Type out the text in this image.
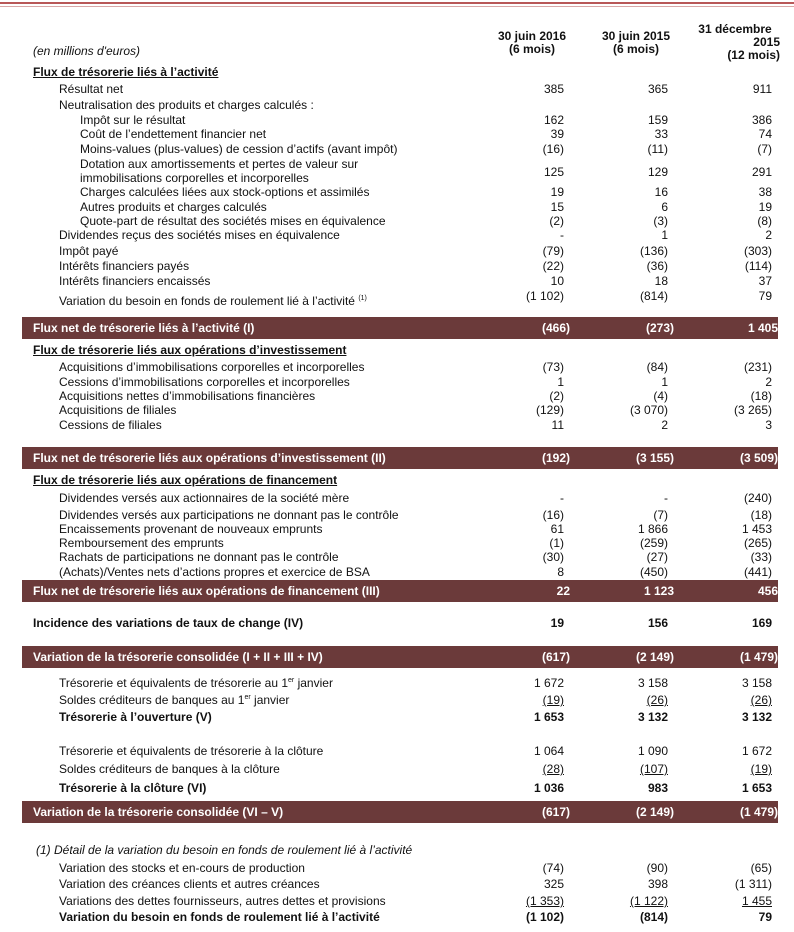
30 juin 2016
(6 mois)
30 juin 2015
(6 mois)
31 décembre
2015
(12 mois)
(en millions d'euros)
Flux de trésorerie liés à l’activité
Résultat net	385	365	911
Neutralisation des produits et charges calculés :
Impôt sur le résultat	162	159	386
Coût de l’endettement financier net	39	33	74
Moins-values (plus-values) de cession d’actifs (avant impôt)	(16)	(11)	(7)
Dotation aux amortissements et pertes de valeur sur
immobilisations corporelles et incorporelles	125	129	291
Charges calculées liées aux stock-options et assimilés	19	16	38
Autres produits et charges calculés	15	6	19
Quote-part de résultat des sociétés mises en équivalence	(2)	(3)	(8)
Dividendes reçus des sociétés mises en équivalence	-	1	2
Impôt payé	(79)	(136)	(303)
Intérêts financiers payés	(22)	(36)	(114)
Intérêts financiers encaissés	10	18	37
Variation du besoin en fonds de roulement lié à l’activité $^{(1)}$	(1 102)	(814)	79
Flux net de trésorerie liés à l’activité (I)	(466)	(273)	1 405
Flux de trésorerie liés aux opérations d’investissement
Acquisitions d’immobilisations corporelles et incorporelles	(73)	(84)	(231)
Cessions d’immobilisations corporelles et incorporelles	1	1	2
Acquisitions nettes d’immobilisations financières	(2)	(4)	(18)
Acquisitions de filiales	(129)	(3 070)	(3 265)
Cessions de filiales	11	2	3
Flux net de trésorerie liés aux opérations d’investissement (II)	(192)	(3 155)	(3 509)
Flux de trésorerie liés aux opérations de financement
Dividendes versés aux actionnaires de la société mère	-	-	(240)
Dividendes versés aux participations ne donnant pas le contrôle	(16)	(7)	(18)
Encaissements provenant de nouveaux emprunts	61	1 866	1 453
Remboursement des emprunts	(1)	(259)	(265)
Rachats de participations ne donnant pas le contrôle	(30)	(27)	(33)
(Achats)/Ventes nets d’actions propres et exercice de BSA	8	(450)	(441)
Flux net de trésorerie liés aux opérations de financement (III)	22	1 123	456
Incidence des variations de taux de change (IV)	19	156	169
Variation de la trésorerie consolidée (I + II + III + IV)	(617)	(2 149)	(1 479)
Trésorerie et équivalents de trésorerie au 1er janvier	1 672	3 158	3 158
Soldes créditeurs de banques au 1er janvier	(19)	(26)	(26)
Trésorerie à l’ouverture (V)	1 653	3 132	3 132
Trésorerie et équivalents de trésorerie à la clôture	1 064	1 090	1 672
Soldes créditeurs de banques à la clôture	(28)	(107)	(19)
Trésorerie à la clôture (VI)	1 036	983	1 653
Variation de la trésorerie consolidée (VI – V)	(617)	(2 149)	(1 479)
(1) Détail de la variation du besoin en fonds de roulement lié à l’activité
Variation des stocks et en-cours de production	(74)	(90)	(65)
Variation des créances clients et autres créances	325	398	(1 311)
Variations des dettes fournisseurs, autres dettes et provisions	(1 353)	(1 122)	1 455
Variation du besoin en fonds de roulement lié à l’activité	(1 102)	(814)	79
